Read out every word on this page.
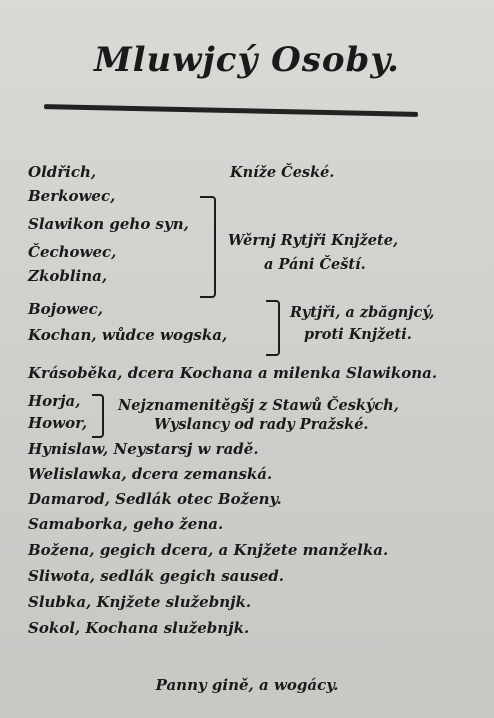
Mluwjcý Osoby.
Oldřich,	Kníže České.
Berkowec,
Slawikon geho syn,
Čechowec,
Zkoblina,
Wěrnj Rytjři Knjžete,
a Páni Čeští.
Bojowec,
Kochan, wůdce wogska,
Rytjři, a zbăgnjcý,
proti Knjžeti.
Krásoběka, dcera Kochana a milenka Slawikona.
Horja,
Howor,
Nejznamenitěgšj z Stawů Českých,
Wyslancy od rady Pražské.
Hynislaw, Neystarsj w radě.
Welislawka, dcera zemanská.
Damarod, Sedlák otec Boženy.
Samaborka, geho žena.
Božena, gegich dcera, a Knjžete manželka.
Sliwota, sedlák gegich saused.
Slubka, Knjžete služebnjk.
Sokol, Kochana služebnjk.
Panny gině, a wogácy.
